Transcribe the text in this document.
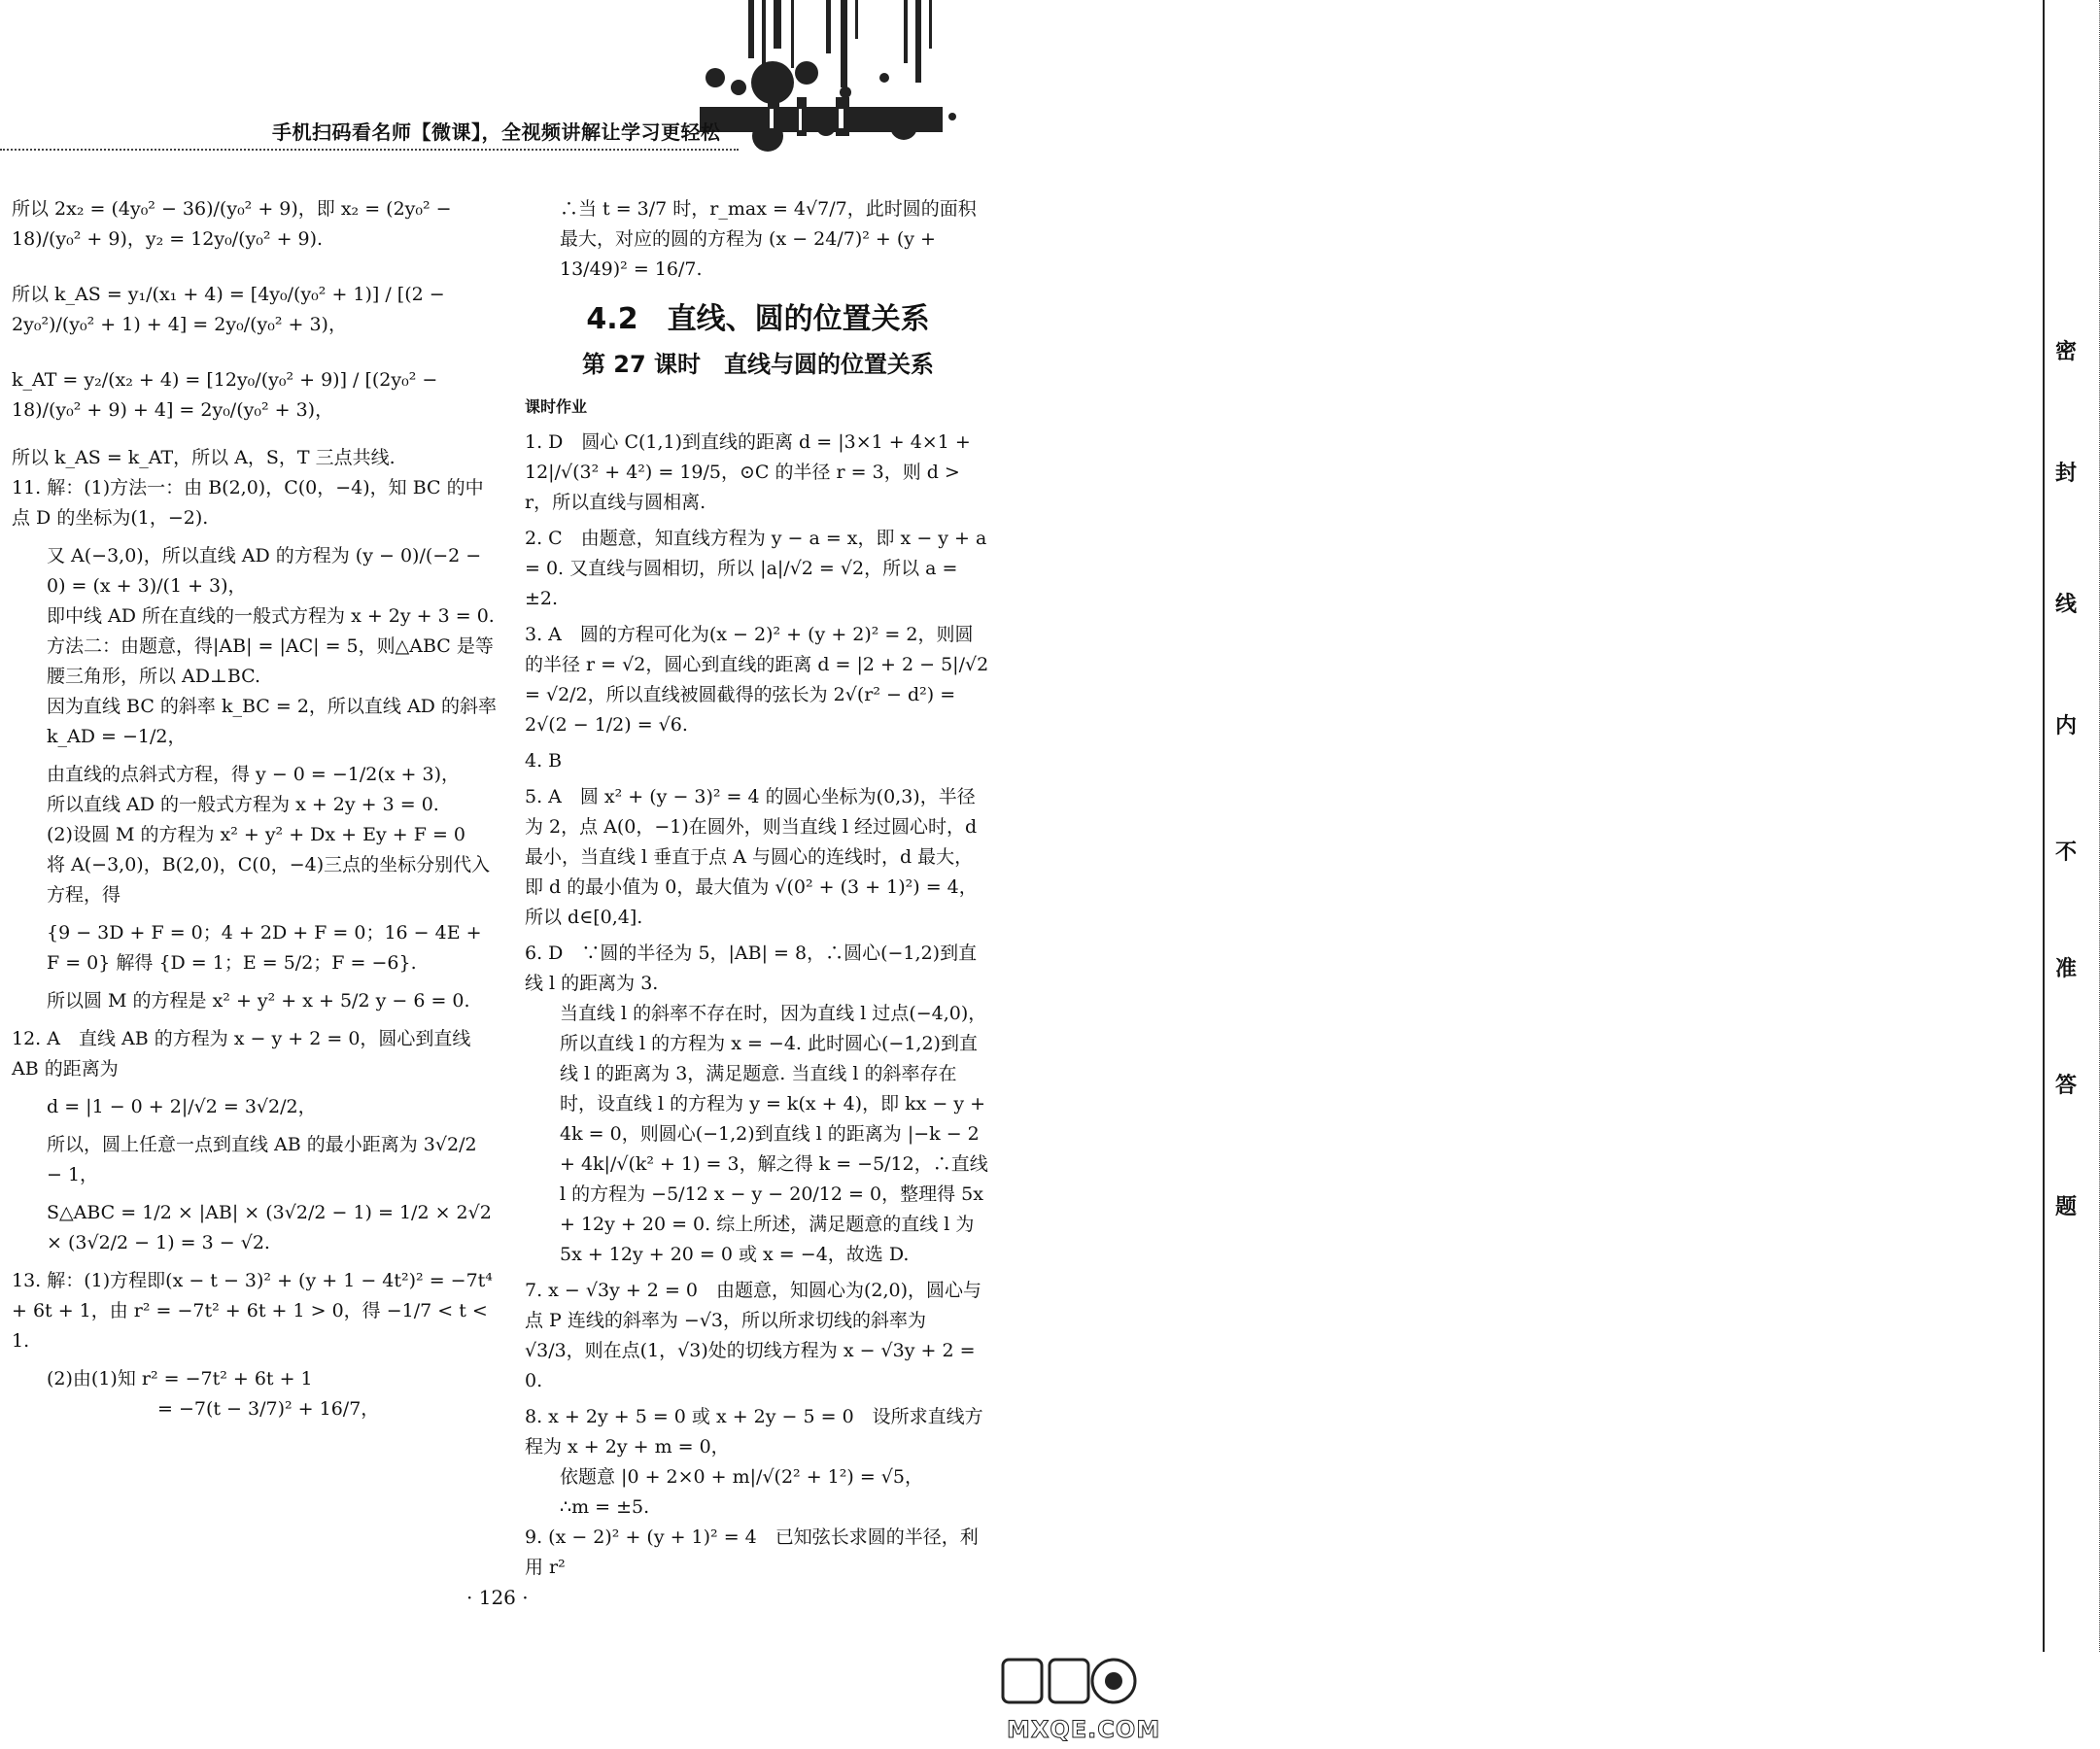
手机扫码看名师【微课】，全视频讲解让学习更轻松

所以 2x₂ = (4y₀² − 36)/(y₀² + 9)，即 x₂ = (2y₀² − 18)/(y₀² + 9)，y₂ = 12y₀/(y₀² + 9).

所以 k_AS = y₁/(x₁ + 4) = [4y₀/(y₀² + 1)] / [(2 − 2y₀²)/(y₀² + 1) + 4] = 2y₀/(y₀² + 3)，

k_AT = y₂/(x₂ + 4) = [12y₀/(y₀² + 9)] / [(2y₀² − 18)/(y₀² + 9) + 4] = 2y₀/(y₀² + 3)，

所以 k_AS = k_AT，所以 A，S，T 三点共线.

11. 解：(1)方法一：由 B(2,0)，C(0，−4)，知 BC 的中点 D 的坐标为(1，−2).

又 A(−3,0)，所以直线 AD 的方程为 (y − 0)/(−2 − 0) = (x + 3)/(1 + 3)，

即中线 AD 所在直线的一般式方程为 x + 2y + 3 = 0.

方法二：由题意，得|AB| = |AC| = 5，则△ABC 是等腰三角形，所以 AD⊥BC.

因为直线 BC 的斜率 k_BC = 2，所以直线 AD 的斜率 k_AD = −1/2，

由直线的点斜式方程，得 y − 0 = −1/2(x + 3)，

所以直线 AD 的一般式方程为 x + 2y + 3 = 0.

(2)设圆 M 的方程为 x² + y² + Dx + Ey + F = 0

将 A(−3,0)，B(2,0)，C(0，−4)三点的坐标分别代入方程，得

{9 − 3D + F = 0；4 + 2D + F = 0；16 − 4E + F = 0} 解得 {D = 1；E = 5/2；F = −6}.

所以圆 M 的方程是 x² + y² + x + 5/2 y − 6 = 0.

12. A　直线 AB 的方程为 x − y + 2 = 0，圆心到直线 AB 的距离为

d = |1 − 0 + 2|/√2 = 3√2/2，

所以，圆上任意一点到直线 AB 的最小距离为 3√2/2 − 1，

S△ABC = 1/2 × |AB| × (3√2/2 − 1) = 1/2 × 2√2 × (3√2/2 − 1) = 3 − √2.

13. 解：(1)方程即(x − t − 3)² + (y + 1 − 4t²)² = −7t⁴ + 6t + 1，由 r² = −7t² + 6t + 1 > 0，得 −1/7 < t < 1.

(2)由(1)知 r² = −7t² + 6t + 1

= −7(t − 3/7)² + 16/7，

∴当 t = 3/7 时，r_max = 4√7/7，此时圆的面积最大，对应的圆的方程为 (x − 24/7)² + (y + 13/49)² = 16/7.

4.2　直线、圆的位置关系
第 27 课时　直线与圆的位置关系
课时作业

1. D　圆心 C(1,1)到直线的距离 d = |3×1 + 4×1 + 12|/√(3² + 4²) = 19/5，⊙C 的半径 r = 3，则 d > r，所以直线与圆相离.

2. C　由题意，知直线方程为 y − a = x，即 x − y + a = 0. 又直线与圆相切，所以 |a|/√2 = √2，所以 a = ±2.

3. A　圆的方程可化为(x − 2)² + (y + 2)² = 2，则圆的半径 r = √2，圆心到直线的距离 d = |2 + 2 − 5|/√2 = √2/2，所以直线被圆截得的弦长为 2√(r² − d²) = 2√(2 − 1/2) = √6.

4. B

5. A　圆 x² + (y − 3)² = 4 的圆心坐标为(0,3)，半径为 2，点 A(0，−1)在圆外，则当直线 l 经过圆心时，d 最小，当直线 l 垂直于点 A 与圆心的连线时，d 最大，即 d 的最小值为 0，最大值为 √(0² + (3 + 1)²) = 4，所以 d∈[0,4].

6. D　∵圆的半径为 5，|AB| = 8，∴圆心(−1,2)到直线 l 的距离为 3.

当直线 l 的斜率不存在时，因为直线 l 过点(−4,0)，所以直线 l 的方程为 x = −4. 此时圆心(−1,2)到直线 l 的距离为 3，满足题意. 当直线 l 的斜率存在时，设直线 l 的方程为 y = k(x + 4)，即 kx − y + 4k = 0，则圆心(−1,2)到直线 l 的距离为 |−k − 2 + 4k|/√(k² + 1) = 3，解之得 k = −5/12，∴直线 l 的方程为 −5/12 x − y − 20/12 = 0，整理得 5x + 12y + 20 = 0. 综上所述，满足题意的直线 l 为 5x + 12y + 20 = 0 或 x = −4，故选 D.

7. x − √3y + 2 = 0　由题意，知圆心为(2,0)，圆心与点 P 连线的斜率为 −√3，所以所求切线的斜率为 √3/3，则在点(1，√3)处的切线方程为 x − √3y + 2 = 0.

8. x + 2y + 5 = 0 或 x + 2y − 5 = 0　设所求直线方程为 x + 2y + m = 0，

依题意 |0 + 2×0 + m|/√(2² + 1²) = √5，

∴m = ±5.

9. (x − 2)² + (y + 1)² = 4　已知弦长求圆的半径，利用 r²

密
封
线
内
不
准
答
题
· 126 ·
MXQE.COM
